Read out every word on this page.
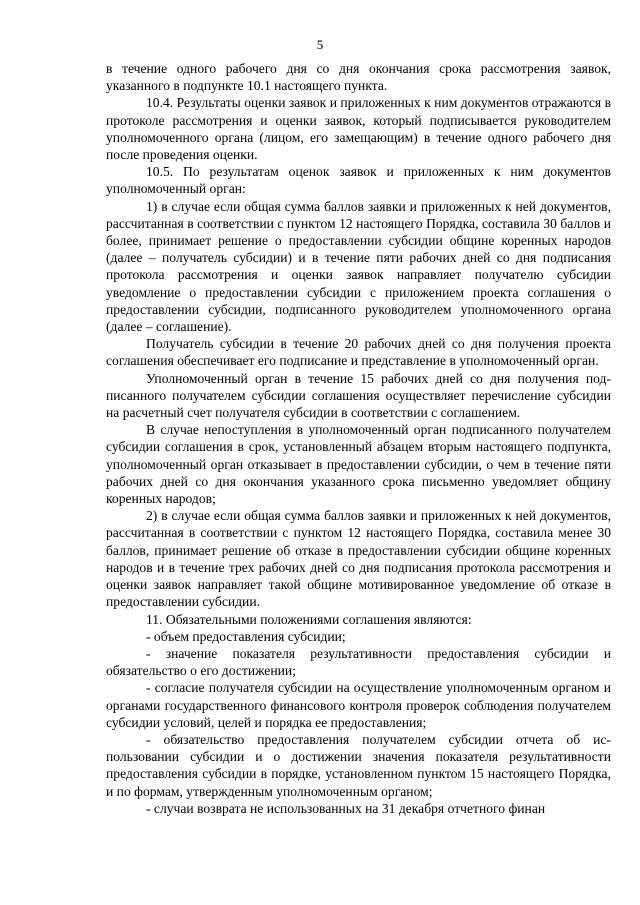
5

в течение одного рабочего дня со дня окончания срока рассмотрения заявок, указанного в подпункте 10.1 настоящего пункта.

10.4. Результаты оценки заявок и приложенных к ним документов отражаются в протоколе рассмотрения и оценки заявок, который подписывается руководителем уполномоченного органа (лицом, его замещающим) в течение одного рабочего дня после проведения оценки.

10.5. По результатам оценок заявок и приложенных к ним документов уполномоченный орган:

1) в случае если общая сумма баллов заявки и приложенных к ней документов, рассчитанная в соответствии с пунктом 12 настоящего Порядка, составила 30 баллов и более, принимает решение о предоставлении субсидии общине коренных народов (далее – получатель субсидии) и в течение пяти рабочих дней со дня подписания протокола рассмотрения и оценки заявок направляет получателю субсидии уведомление о предоставлении субсидии с приложением проекта соглашения о предоставлении субсидии, подписанного руководителем уполномоченного органа (далее – соглашение).

Получатель субсидии в течение 20 рабочих дней со дня получения проекта соглашения обеспечивает его подписание и представление в уполномоченный орган.

Уполномоченный орган в течение 15 рабочих дней со дня получения подписанного получателем субсидии соглашения осуществляет перечисление субсидии на расчетный счет получателя субсидии в соответствии с соглашением.

В случае непоступления в уполномоченный орган подписанного получателем субсидии соглашения в срок, установленный абзацем вторым настоящего подпункта, уполномоченный орган отказывает в предоставлении субсидии, о чем в течение пяти рабочих дней со дня окончания указанного срока письменно уведомляет общину коренных народов;

2) в случае если общая сумма баллов заявки и приложенных к ней документов, рассчитанная в соответствии с пунктом 12 настоящего Порядка, составила менее 30 баллов, принимает решение об отказе в предоставлении субсидии общине коренных народов и в течение трех рабочих дней со дня подписания протокола рассмотрения и оценки заявок направляет такой общине мотивированное уведомление об отказе в предоставлении субсидии.

11. Обязательными положениями соглашения являются:

- объем предоставления субсидии;

- значение показателя результативности предоставления субсидии и обязательство о его достижении;

- согласие получателя субсидии на осуществление уполномоченным органом и органами государственного финансового контроля проверок соблюдения получателем субсидии условий, целей и порядка ее предоставления;

- обязательство предоставления получателем субсидии отчета об использовании субсидии и о достижении значения показателя результативности предоставления субсидии в порядке, установленном пунктом 15 настоящего Порядка, и по формам, утвержденным уполномоченным органом;

- случаи возврата не использованных на 31 декабря отчетного финан
